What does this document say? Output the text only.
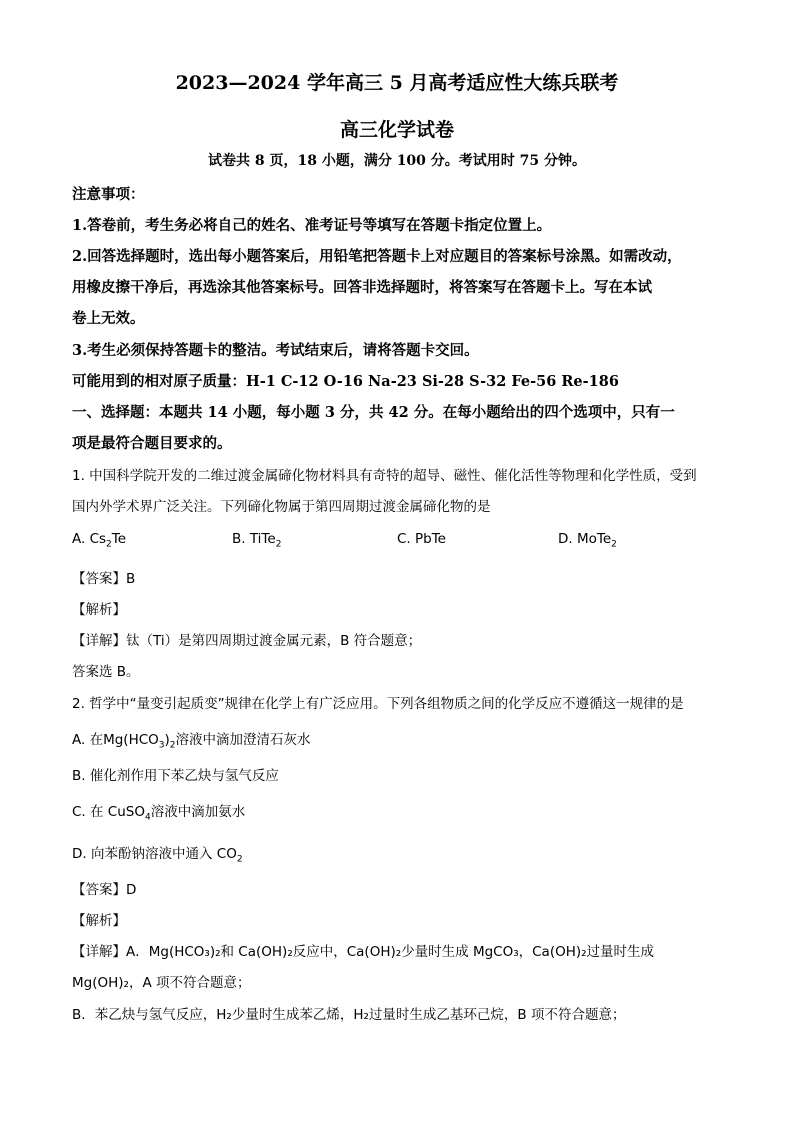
2023—2024 学年高三 5 月高考适应性大练兵联考
高三化学试卷
试卷共 8 页，18 小题，满分 100 分。考试用时 75 分钟。
注意事项：
1.答卷前，考生务必将自己的姓名、准考证号等填写在答题卡指定位置上。
2.回答选择题时，选出每小题答案后，用铅笔把答题卡上对应题目的答案标号涂黑。如需改动，
用橡皮擦干净后，再选涂其他答案标号。回答非选择题时，将答案写在答题卡上。写在本试
卷上无效。
3.考生必须保持答题卡的整洁。考试结束后，请将答题卡交回。
可能用到的相对原子质量：H-1 C-12 O-16 Na-23 Si-28 S-32 Fe-56 Re-186
一、选择题：本题共 14 小题，每小题 3 分，共 42 分。在每小题给出的四个选项中，只有一
项是最符合题目要求的。
1. 中国科学院开发的二维过渡金属碲化物材料具有奇特的超导、磁性、催化活性等物理和化学性质，受到
国内外学术界广泛关注。下列碲化物属于第四周期过渡金属碲化物的是
A. $Cs_2Te$	B. TiTe$_2$	C. PbTe	D. MoTe$_2$
【答案】B
【解析】
【详解】钛（Ti）是第四周期过渡金属元素，B 符合题意；
答案选 B。
2. 哲学中“量变引起质变”规律在化学上有广泛应用。下列各组物质之间的化学反应不遵循这一规律的是
A. 在$Mg(HCO_3)_2$溶液中滴加澄清石灰水
B. 催化剂作用下苯乙炔与氢气反应
C. 在 CuSO$_4$溶液中滴加氨水
D. 向苯酚钠溶液中通入 $CO_2$
【答案】D
【解析】
【详解】A．Mg(HCO₃)₂和 Ca(OH)₂反应中，Ca(OH)₂少量时生成 MgCO₃，Ca(OH)₂过量时生成
Mg(OH)₂，A 项不符合题意；
B．苯乙炔与氢气反应，H₂少量时生成苯乙烯，H₂过量时生成乙基环己烷，B 项不符合题意；
